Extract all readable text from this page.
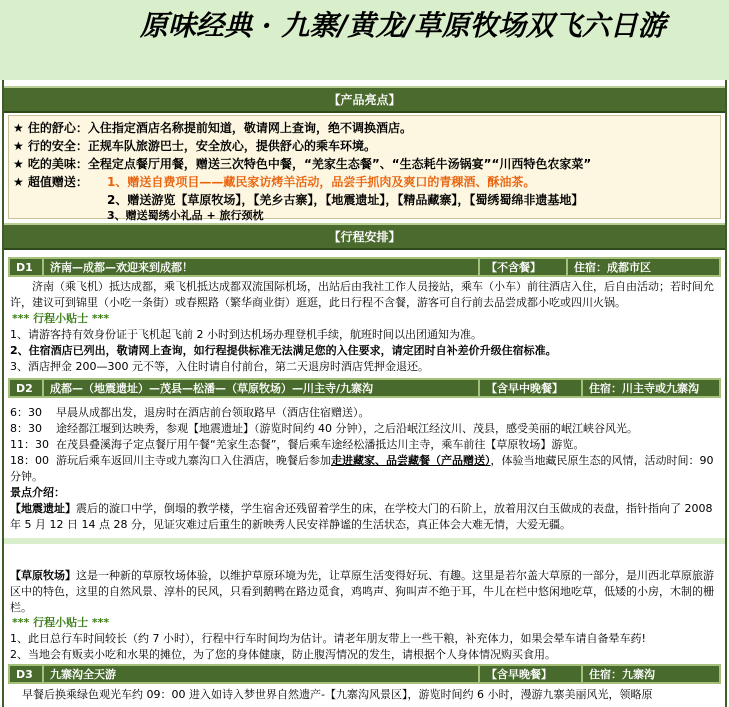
原味经典 · 九寨/黄龙/草原牧场双飞六日游
【产品亮点】
★ 住的舒心：入住指定酒店名称提前知道，敬请网上查询，绝不调换酒店。
★ 行的安全：正规车队旅游巴士，安全放心，提供舒心的乘车环境。
★ 吃的美味：全程定点餐厅用餐，赠送三次特色中餐，“羌家生态餐”、“生态耗牛汤锅宴”“川西特色农家菜”
★ 超值赠送： 1、赠送自费项目——藏民家访烤羊活动，品尝手抓肉及爽口的青稞酒、酥油茶。
2、赠送游览【草原牧场】，【羌乡古寨】，【地震遗址】，【精品藏寨】，【蜀绣蜀绵非遗基地】
3、赠送蜀绣小礼品 + 旅行颈枕
【行程安排】
D1	济南—成都—欢迎来到成都！	【不含餐】	住宿：成都市区
济南（乘飞机）抵达成都，乘飞机抵达成都双流国际机场，出站后由我社工作人员接站，乘车（小车）前往酒店入住，后自由活动；若时间允许，建议可到锦里（小吃一条街）或春熙路（繁华商业街）逛逛，此日行程不含餐，游客可自行前去品尝成都小吃或四川火锅。
*** 行程小贴士 ***
1、请游客持有效身份证于飞机起飞前 2 小时到达机场办理登机手续，航班时间以出团通知为准。
2、住宿酒店已列出，敬请网上查询，如行程提供标准无法满足您的入住要求，请定团时自补差价升级住宿标准。
3、酒店押金 200—300 元不等，入住时请自付前台，第二天退房时酒店凭押金退还。
D2	成都—（地震遗址）—茂县—松潘—（草原牧场）—川主寺/九寨沟	【含早中晚餐】	住宿：川主寺或九寨沟
6：30 早晨从成都出发，退房时在酒店前台领取路早（酒店住宿赠送）。
8：30 途经都江堰到达映秀，参观【地震遗址】（游览时间约 40 分钟），之后沿岷江经汶川、茂县，感受美丽的岷江峡谷风光。
11：30 在茂县叠溪海子定点餐厅用午餐“羌家生态餐”，餐后乘车途经松潘抵达川主寺，乘车前往【草原牧场】游览。
18：00 游玩后乘车返回川主寺或九寨沟口入住酒店，晚餐后参加走进藏家、品尝藏餐（产品赠送），体验当地藏民原生态的风情，活动时间：90 分钟。
景点介绍：
【地震遗址】震后的漩口中学，倒塌的教学楼，学生宿舍还残留着学生的床，在学校大门的石阶上，放着用汉白玉做成的表盘，指针指向了 2008 年 5 月 12 日 14 点 28 分，见证灾难过后重生的新映秀人民安祥静谧的生活状态，真正体会大难无情，大爱无疆。
【草原牧场】这是一种新的草原牧场体验，以维护草原环境为先，让草原生活变得好玩、有趣。这里是若尔盖大草原的一部分，是川西北草原旅游区中的特色，这里的自然风景、淳朴的民风，只看到鹅鸭在路边觅食，鸡鸣声、狗叫声不绝于耳，牛儿在栏中悠闲地吃草，低矮的小房，木制的栅栏。
*** 行程小贴士 ***
1、此日总行车时间较长（约 7 小时），行程中行车时间均为估计。请老年朋友带上一些干粮，补充体力，如果会晕车请自备晕车药!
2、当地会有贩卖小吃和水果的摊位，为了您的身体健康，防止腹泻情况的发生，请根据个人身体情况购买食用。
D3	九寨沟全天游	【含早晚餐】	住宿：九寨沟
早餐后换乘绿色观光车约 09：00 进入如诗入梦世界自然遗产-【九寨沟风景区】，游览时间约 6 小时，漫游九寨美丽风光，领略原
